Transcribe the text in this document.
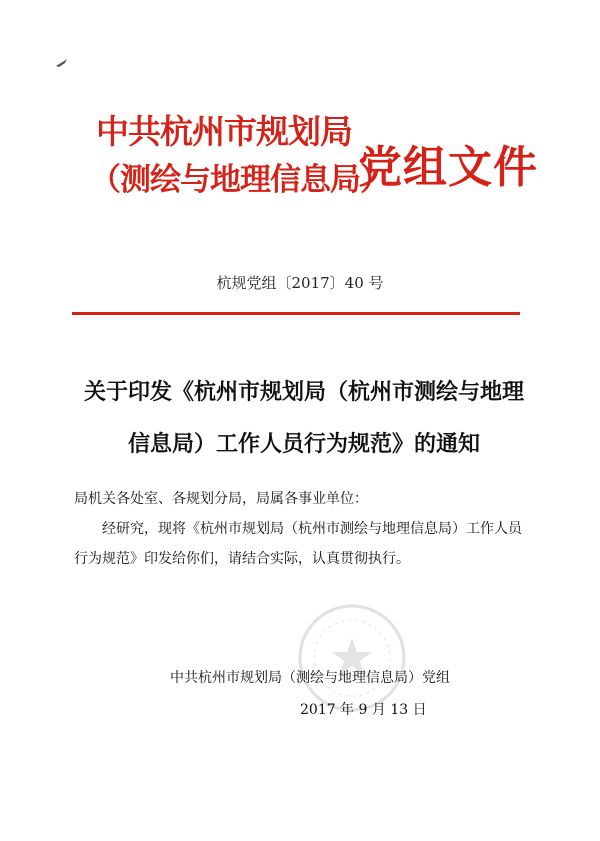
中共杭州市规划局
（测绘与地理信息局）
党组文件
杭规党组〔2017〕40 号
关于印发《杭州市规划局（杭州市测绘与地理
信息局）工作人员行为规范》的通知
局机关各处室、各规划分局，局属各事业单位：
经研究，现将《杭州市规划局（杭州市测绘与地理信息局）工作人员行为规范》印发给你们，请结合实际，认真贯彻执行。
中共杭州市规划局（测绘与地理信息局）党组
2017 年 9 月 13 日
